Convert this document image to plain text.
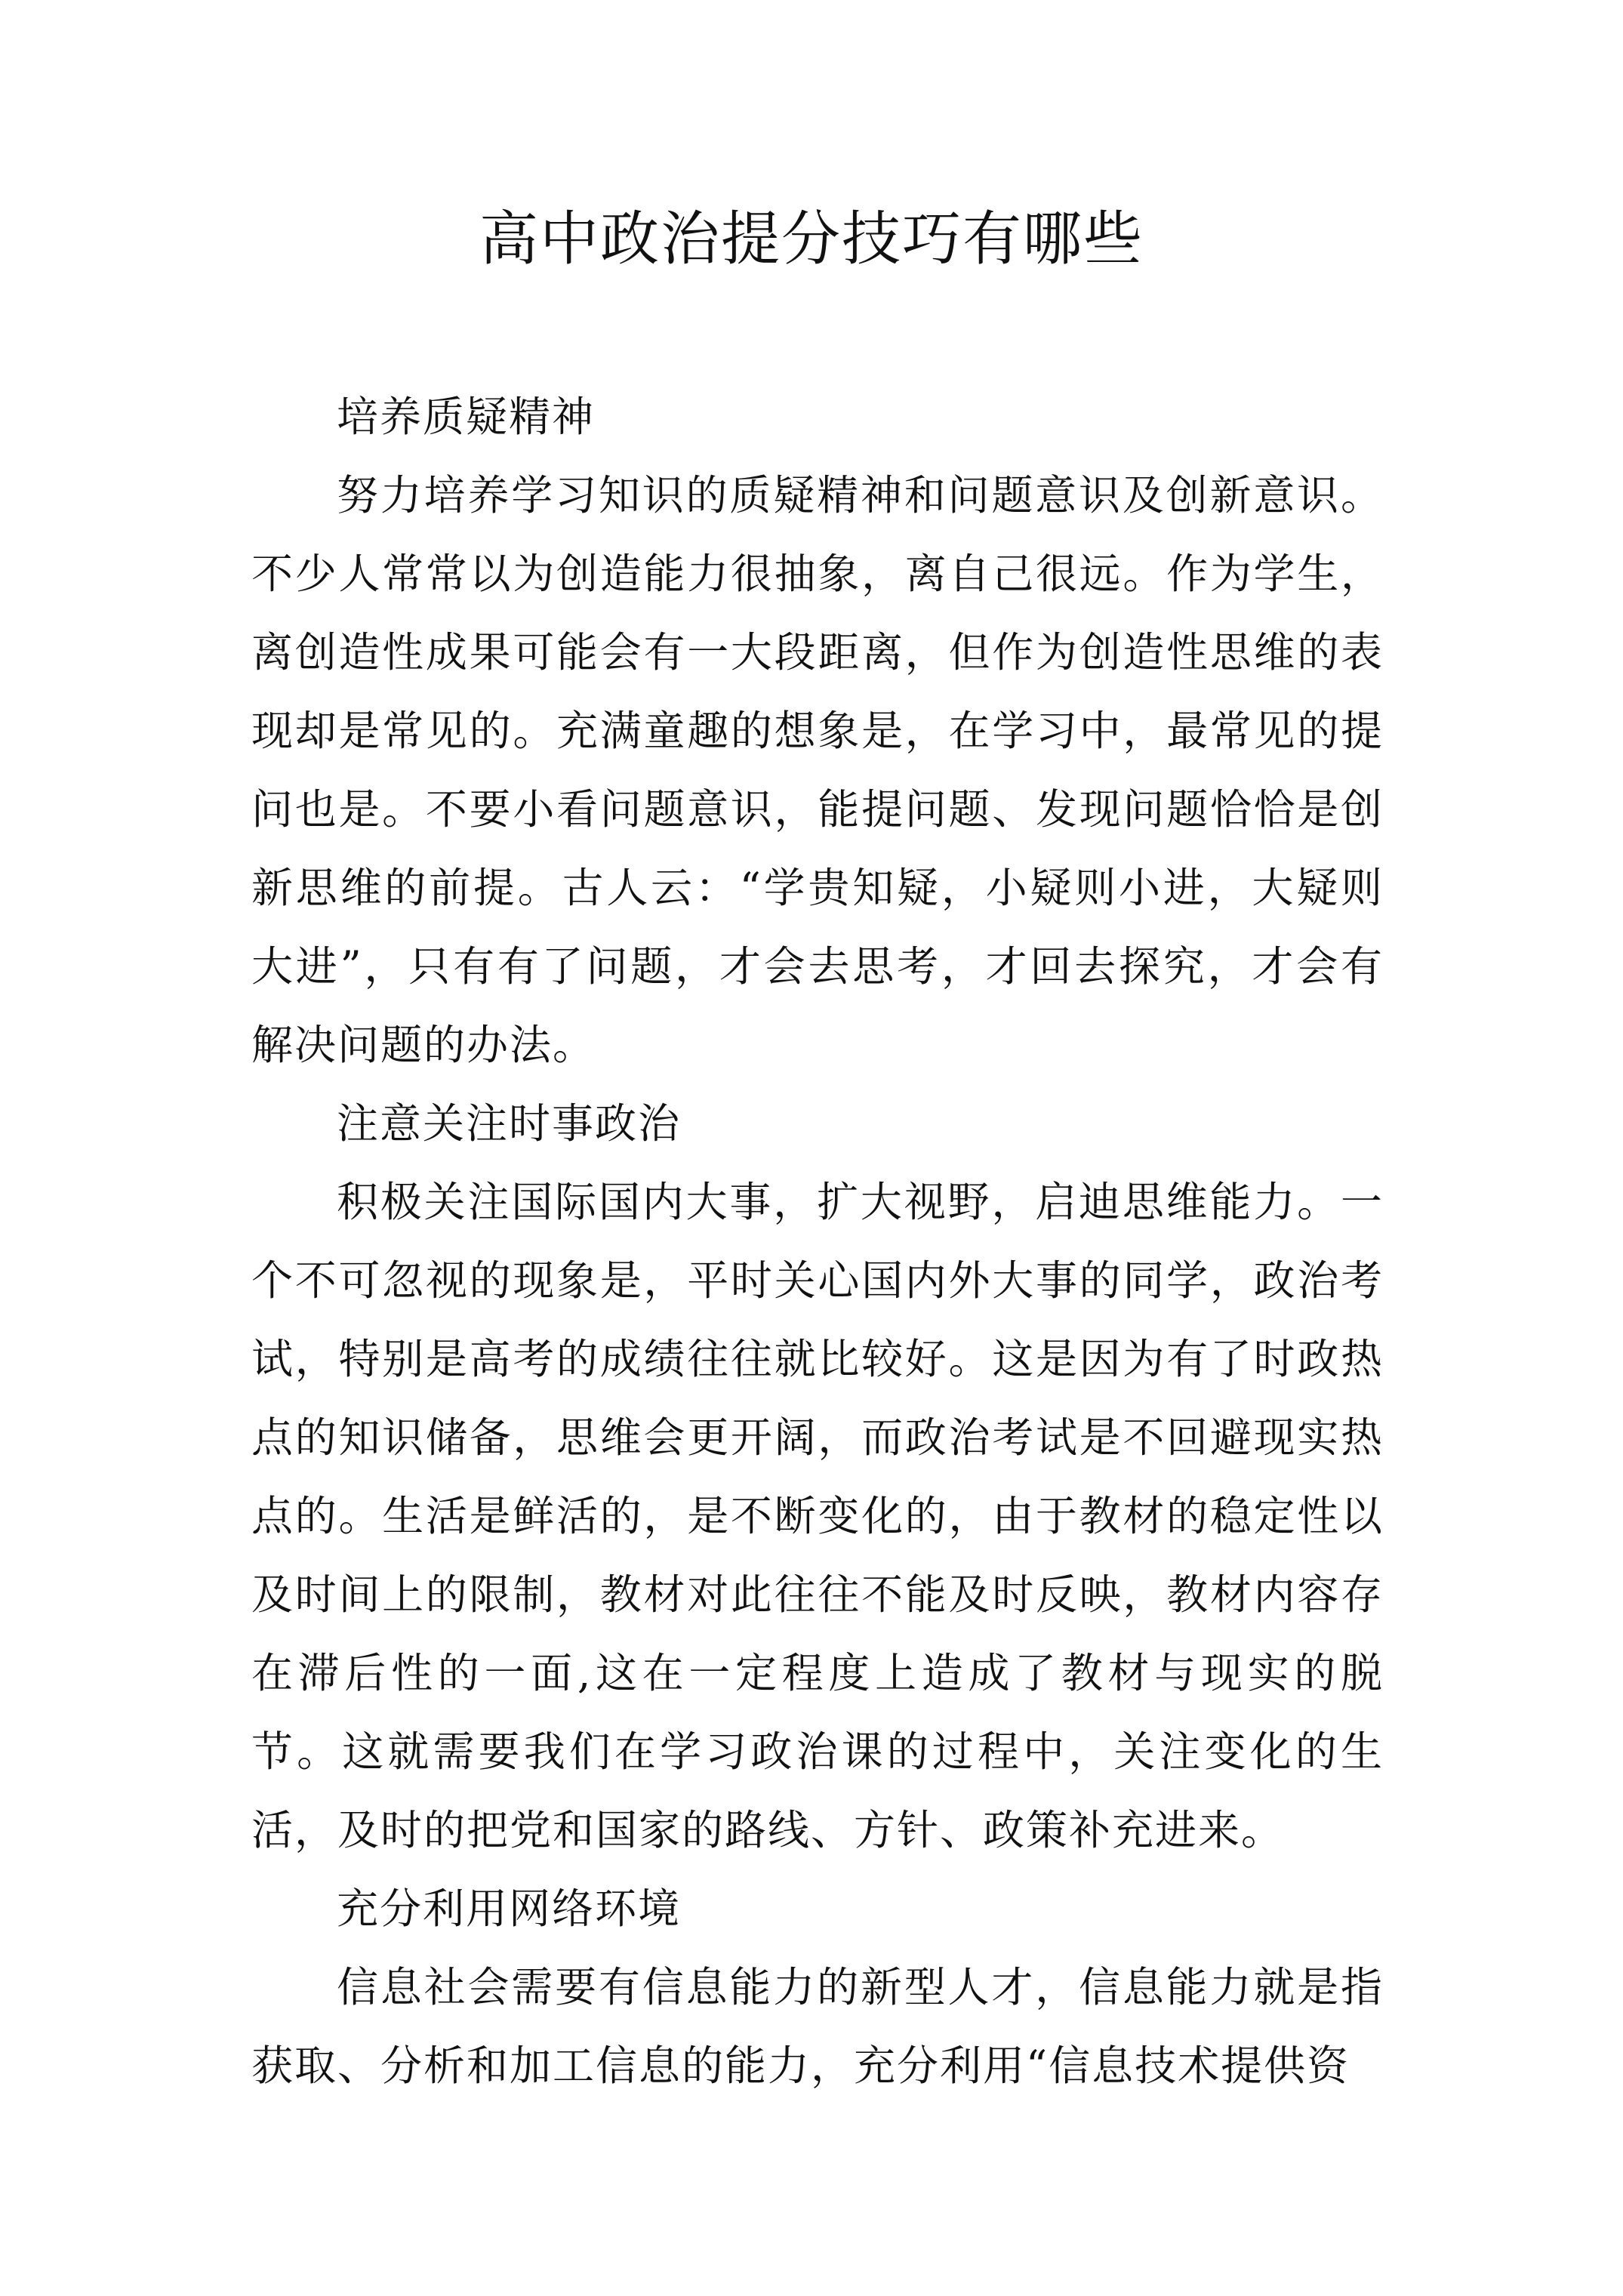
高中政治提分技巧有哪些

培养质疑精神

努力培养学习知识的质疑精神和问题意识及创新意识。不少人常常以为创造能力很抽象，离自己很远。作为学生，离创造性成果可能会有一大段距离，但作为创造性思维的表现却是常见的。充满童趣的想象是，在学习中，最常见的提问也是。不要小看问题意识，能提问题、发现问题恰恰是创新思维的前提。古人云：“学贵知疑，小疑则小进，大疑则大进”，只有有了问题，才会去思考，才回去探究，才会有解决问题的办法。

注意关注时事政治

积极关注国际国内大事，扩大视野，启迪思维能力。一个不可忽视的现象是，平时关心国内外大事的同学，政治考试，特别是高考的成绩往往就比较好。这是因为有了时政热点的知识储备，思维会更开阔，而政治考试是不回避现实热点的。生活是鲜活的，是不断变化的，由于教材的稳定性以及时间上的限制，教材对此往往不能及时反映，教材内容存在滞后性的一面,这在一定程度上造成了教材与现实的脱节。这就需要我们在学习政治课的过程中，关注变化的生活，及时的把党和国家的路线、方针、政策补充进来。

充分利用网络环境

信息社会需要有信息能力的新型人才，信息能力就是指获取、分析和加工信息的能力，充分利用“信息技术提供资
